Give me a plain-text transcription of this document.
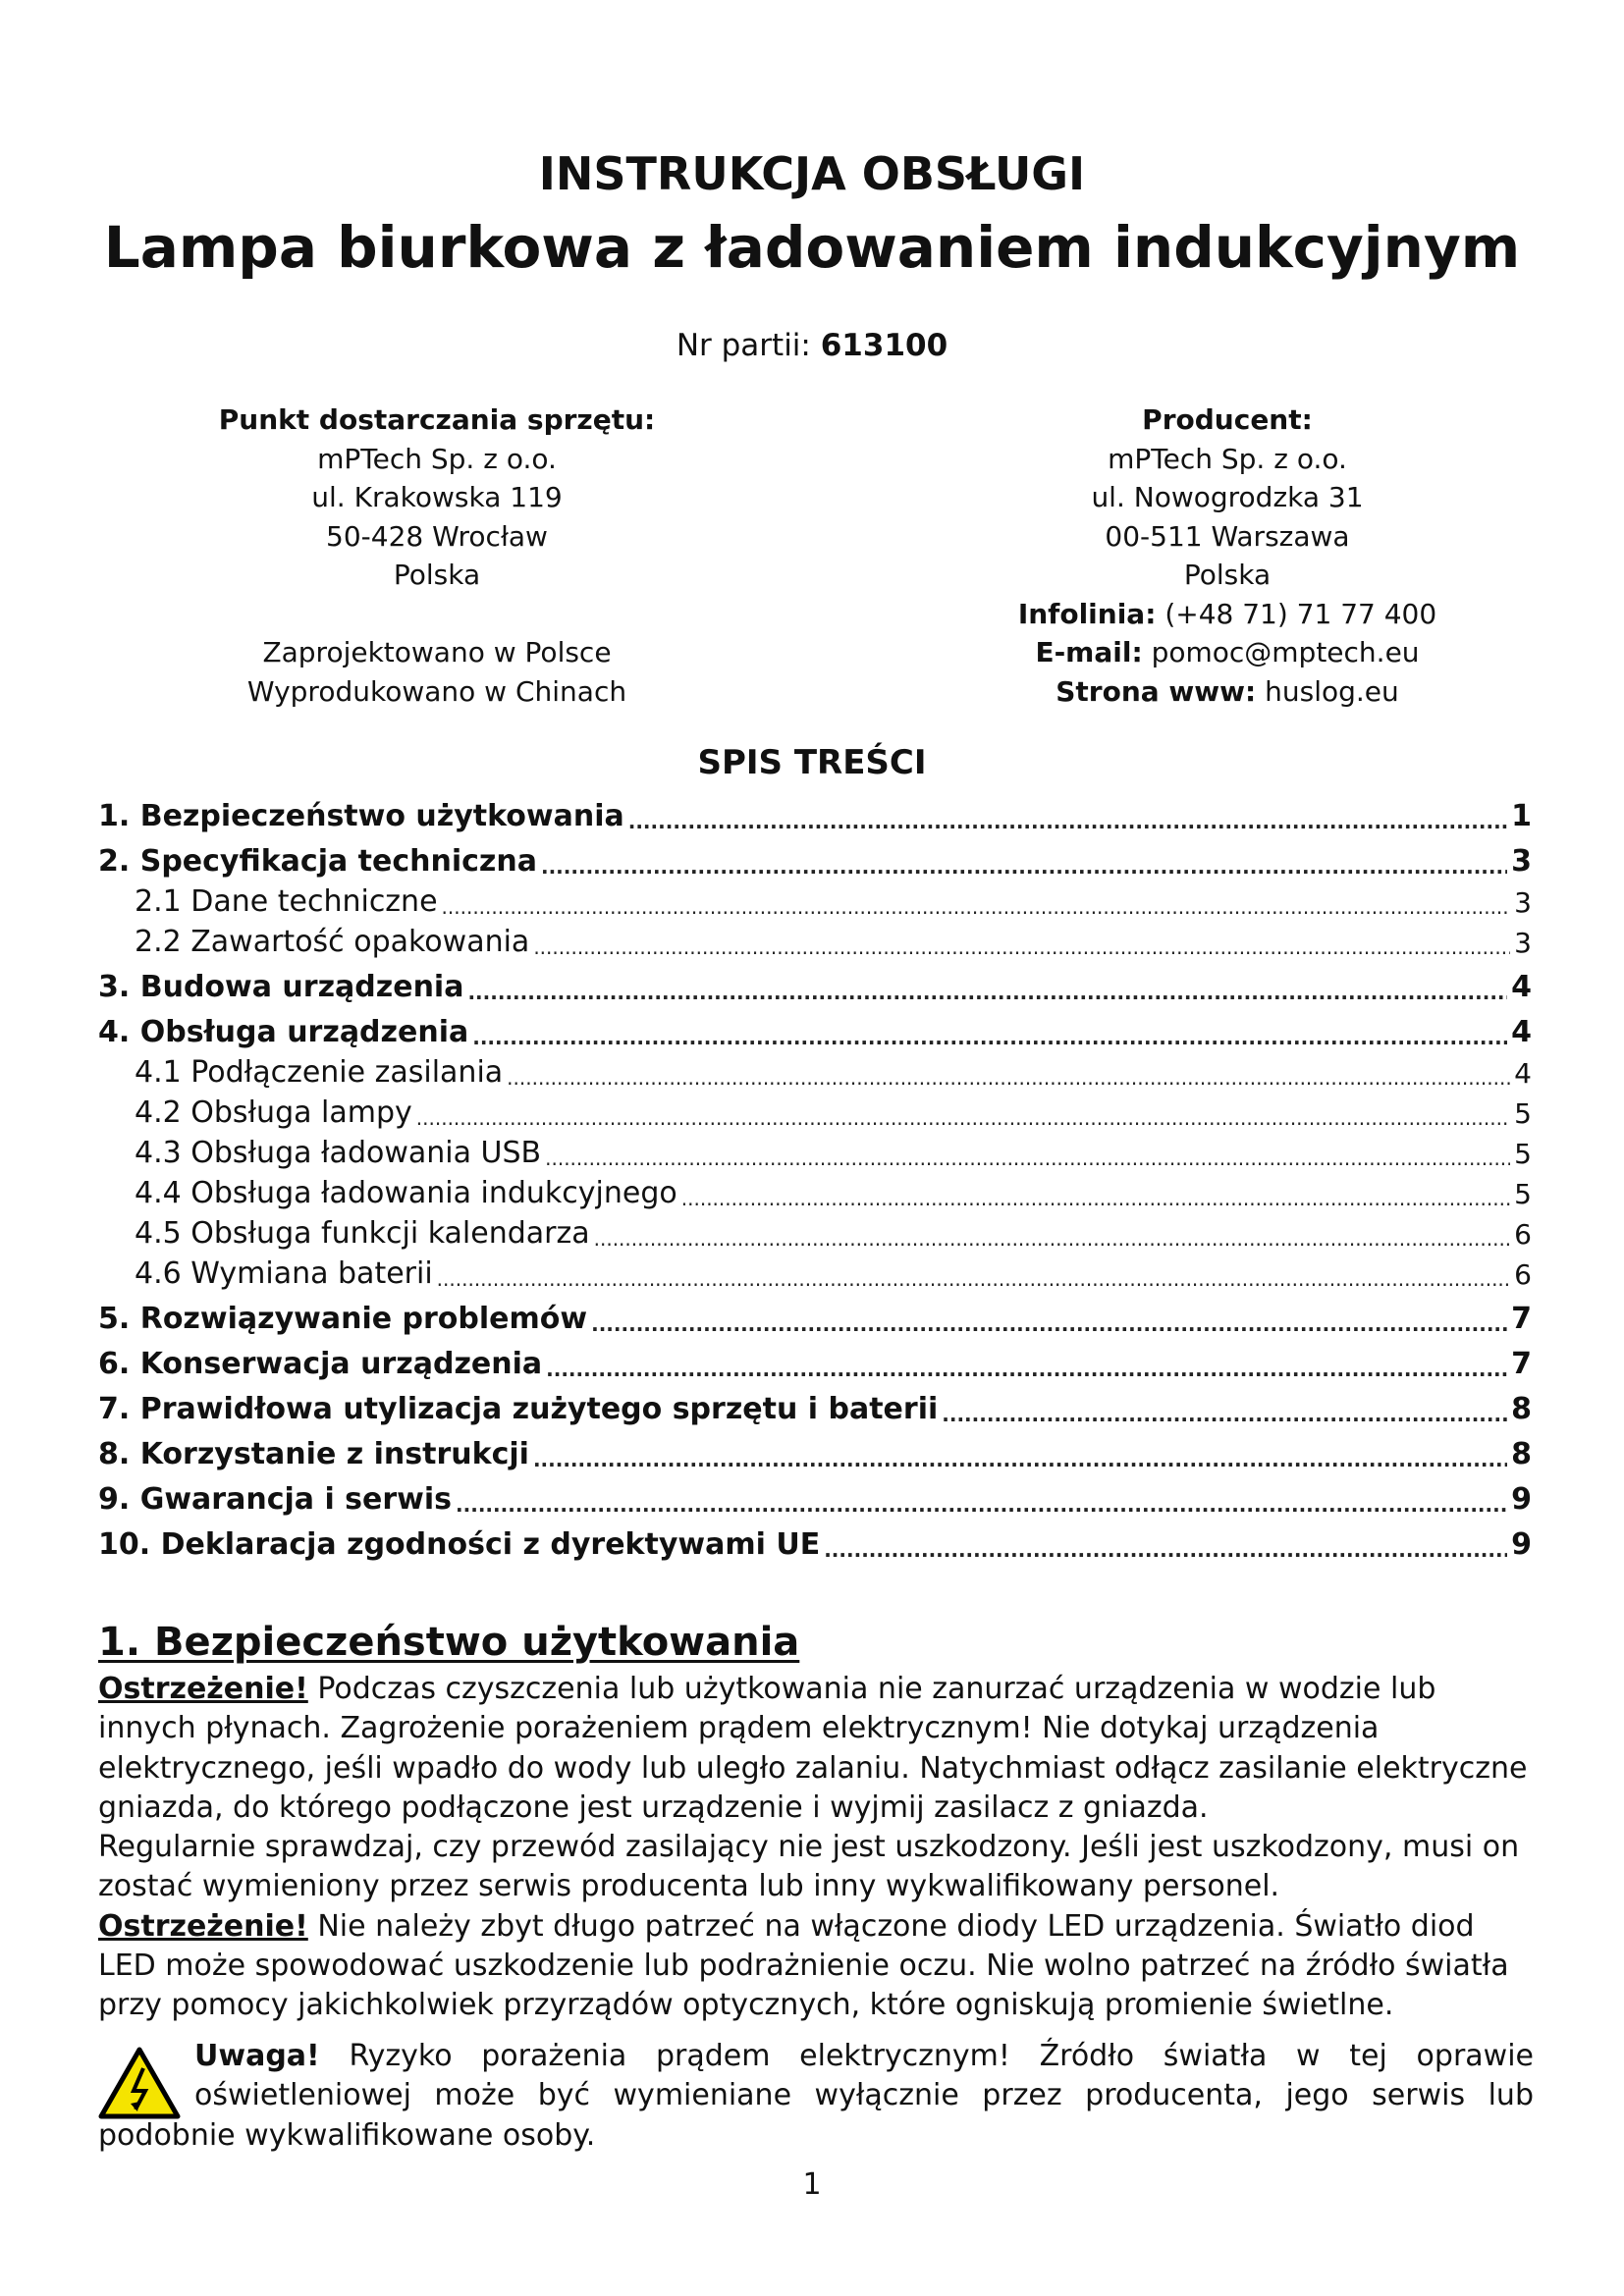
INSTRUKCJA OBSŁUGI
Lampa biurkowa z ładowaniem indukcyjnym
Nr partii: 613100
Punkt dostarczania sprzętu:
mPTech Sp. z o.o.
ul. Krakowska 119
50-428 Wrocław
Polska
Zaprojektowano w Polsce
Wyprodukowano w Chinach
Producent:
mPTech Sp. z o.o.
ul. Nowogrodzka 31
00-511 Warszawa
Polska
Infolinia: (+48 71) 71 77 400
E-mail: pomoc@mptech.eu
Strona www: huslog.eu
SPIS TREŚCI
1. Bezpieczeństwo użytkowania .....	1
2. Specyfikacja techniczna .....	3
2.1 Dane techniczne .....	3
2.2 Zawartość opakowania .....	3
3. Budowa urządzenia .....	4
4. Obsługa urządzenia .....	4
4.1 Podłączenie zasilania .....	4
4.2 Obsługa lampy .....	5
4.3 Obsługa ładowania USB .....	5
4.4 Obsługa ładowania indukcyjnego .....	5
4.5 Obsługa funkcji kalendarza .....	6
4.6 Wymiana baterii .....	6
5. Rozwiązywanie problemów .....	7
6. Konserwacja urządzenia .....	7
7. Prawidłowa utylizacja zużytego sprzętu i baterii .....	8
8. Korzystanie z instrukcji .....	8
9. Gwarancja i serwis .....	9
10. Deklaracja zgodności z dyrektywami UE .....	9
1. Bezpieczeństwo użytkowania

Ostrzeżenie! Podczas czyszczenia lub użytkowania nie zanurzać urządzenia w wodzie lub innych płynach. Zagrożenie porażeniem prądem elektrycznym! Nie dotykaj urządzenia elektrycznego, jeśli wpadło do wody lub uległo zalaniu. Natychmiast odłącz zasilanie elektryczne gniazda, do którego podłączone jest urządzenie i wyjmij zasilacz z gniazda.

Regularnie sprawdzaj, czy przewód zasilający nie jest uszkodzony. Jeśli jest uszkodzony, musi on zostać wymieniony przez serwis producenta lub inny wykwalifikowany personel.

Ostrzeżenie! Nie należy zbyt długo patrzeć na włączone diody LED urządzenia. Światło diod LED może spowodować uszkodzenie lub podrażnienie oczu. Nie wolno patrzeć na źródło światła przy pomocy jakichkolwiek przyrządów optycznych, które ogniskują promienie świetlne.

Uwaga! Ryzyko porażenia prądem elektrycznym! Źródło światła w tej oprawie
oświetleniowej może być wymieniane wyłącznie przez producenta, jego serwis lub
podobnie wykwalifikowane osoby.
1
